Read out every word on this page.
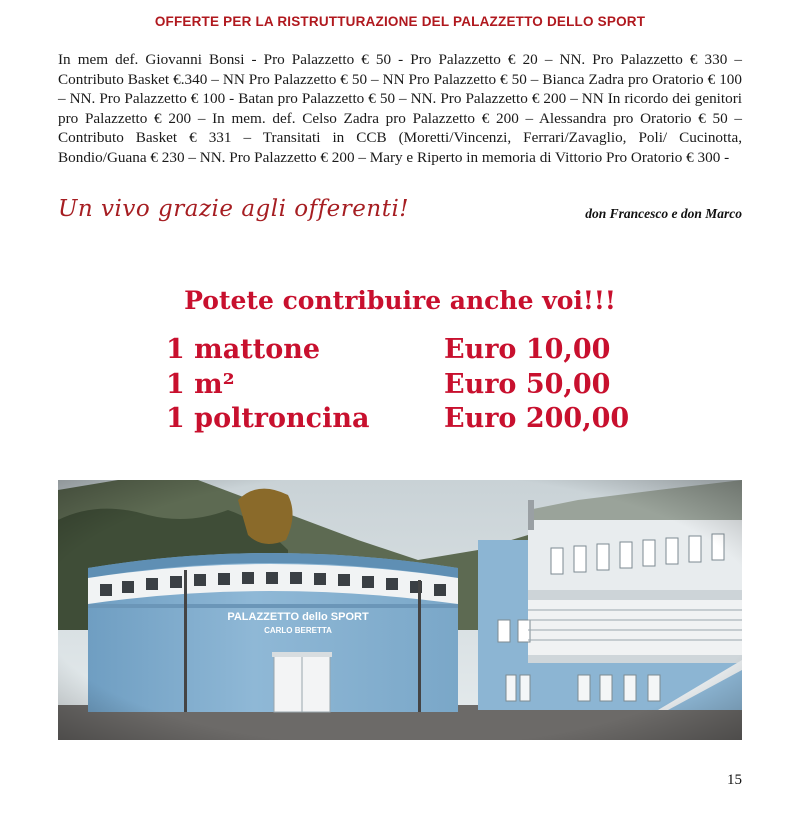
OFFERTE PER LA RISTRUTTURAZIONE DEL PALAZZETTO DELLO SPORT
In mem def. Giovanni Bonsi - Pro Palazzetto € 50 - Pro Palazzetto € 20 – NN. Pro Palazzetto € 330 – Contributo Basket €.340 – NN Pro Palazzetto € 50 – NN Pro Palazzetto € 50 – Bianca Zadra pro Oratorio € 100 – NN. Pro Palazzetto € 100 - Batan pro Palazzetto € 50 – NN. Pro Palazzetto € 200 – NN In ricordo dei genitori pro Palazzetto € 200 – In mem. def. Celso Zadra pro Palazzetto € 200 – Alessandra pro Oratorio € 50 – Contributo Basket € 331 – Transitati in CCB (Moretti/Vincenzi, Ferrari/Zavaglio, Poli/ Cucinotta, Bondio/Guana € 230 – NN. Pro Palazzetto € 200 – Mary e Riperto in memoria di Vittorio Pro Oratorio € 300 -
Un vivo grazie agli offerenti!	don Francesco e don Marco
Potete contribuire anche voi!!!
1 mattone	Euro 10,00
1 m²	Euro 50,00
1 poltroncina	Euro 200,00
15
